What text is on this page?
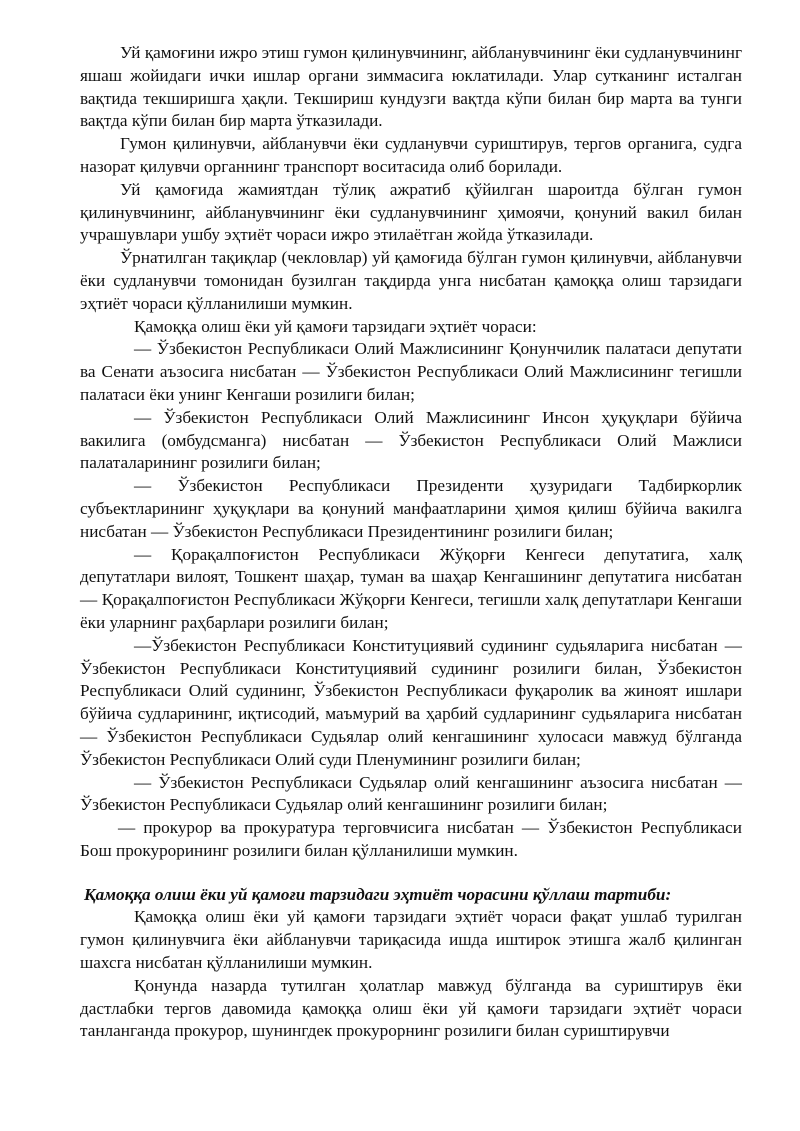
Уй қамоғини ижро этиш гумон қилинувчининг, айбланувчининг ёки судланувчининг яшаш жойидаги ички ишлар органи зиммасига юклатилади. Улар сутканинг исталган вақтида текширишга ҳақли. Текшириш кундузги вақтда кўпи билан бир марта ва тунги вақтда кўпи билан бир марта ўтказилади.

Гумон қилинувчи, айбланувчи ёки судланувчи суриштирув, тергов органига, судга назорат қилувчи органнинг транспорт воситасида олиб борилади.

Уй қамоғида жамиятдан тўлиқ ажратиб қўйилган шароитда бўлган гумон қилинувчининг, айбланувчининг ёки судланувчининг ҳимоячи, қонуний вакил билан учрашувлари ушбу эҳтиёт чораси ижро этилаётган жойда ўтказилади.

Ўрнатилган тақиқлар (чекловлар) уй қамоғида бўлган гумон қилинувчи, айбланувчи ёки судланувчи томонидан бузилган тақдирда унга нисбатан қамоққа олиш тарзидаги эҳтиёт чораси қўлланилиши мумкин.

Қамоққа олиш ёки уй қамоғи тарзидаги эҳтиёт чораси:

— Ўзбекистон Республикаси Олий Мажлисининг Қонунчилик палатаси депутати ва Сенати аъзосига нисбатан — Ўзбекистон Республикаси Олий Мажлисининг тегишли палатаси ёки унинг Кенгаши розилиги билан;

— Ўзбекистон Республикаси Олий Мажлисининг Инсон ҳуқуқлари бўйича вакилига (омбудсманга) нисбатан — Ўзбекистон Республикаси Олий Мажлиси палаталарининг розилиги билан;

— Ўзбекистон Республикаси Президенти ҳузуридаги Тадбиркорлик субъектларининг ҳуқуқлари ва қонуний манфаатларини ҳимоя қилиш бўйича вакилга нисбатан — Ўзбекистон Республикаси Президентининг розилиги билан;

— Қорақалпоғистон Республикаси Жўқорғи Кенгеси депутатига, халқ депутатлари вилоят, Тошкент шаҳар, туман ва шаҳар Кенгашининг депутатига нисбатан — Қорақалпоғистон Республикаси Жўқорғи Кенгеси, тегишли халқ депутатлари Кенгаши ёки уларнинг раҳбарлари розилиги билан;

—Ўзбекистон Республикаси Конституциявий судининг судьяларига нисбатан — Ўзбекистон Республикаси Конституциявий судининг розилиги билан, Ўзбекистон Республикаси Олий судининг, Ўзбекистон Республикаси фуқаролик ва жиноят ишлари бўйича судларининг, иқтисодий, маъмурий ва ҳарбий судларининг судьяларига нисбатан — Ўзбекистон Республикаси Судьялар олий кенгашининг хулосаси мавжуд бўлганда Ўзбекистон Республикаси Олий суди Пленумининг розилиги билан;

— Ўзбекистон Республикаси Судьялар олий кенгашининг аъзосига нисбатан — Ўзбекистон Республикаси Судьялар олий кенгашининг розилиги билан;

— прокурор ва прокуратура терговчисига нисбатан — Ўзбекистон Республикаси Бош прокурорининг розилиги билан қўлланилиши мумкин.

Қамоққа олиш ёки уй қамоғи тарзидаги эҳтиёт чорасини қўллаш тартиби:

Қамоққа олиш ёки уй қамоғи тарзидаги эҳтиёт чораси фақат ушлаб турилган гумон қилинувчига ёки айбланувчи тариқасида ишда иштирок этишга жалб қилинган шахсга нисбатан қўлланилиши мумкин.

Қонунда назарда тутилган ҳолатлар мавжуд бўлганда ва суриштирув ёки дастлабки тергов давомида қамоққа олиш ёки уй қамоғи тарзидаги эҳтиёт чораси танланганда прокурор, шунингдек прокурорнинг розилиги билан суриштирувчи
